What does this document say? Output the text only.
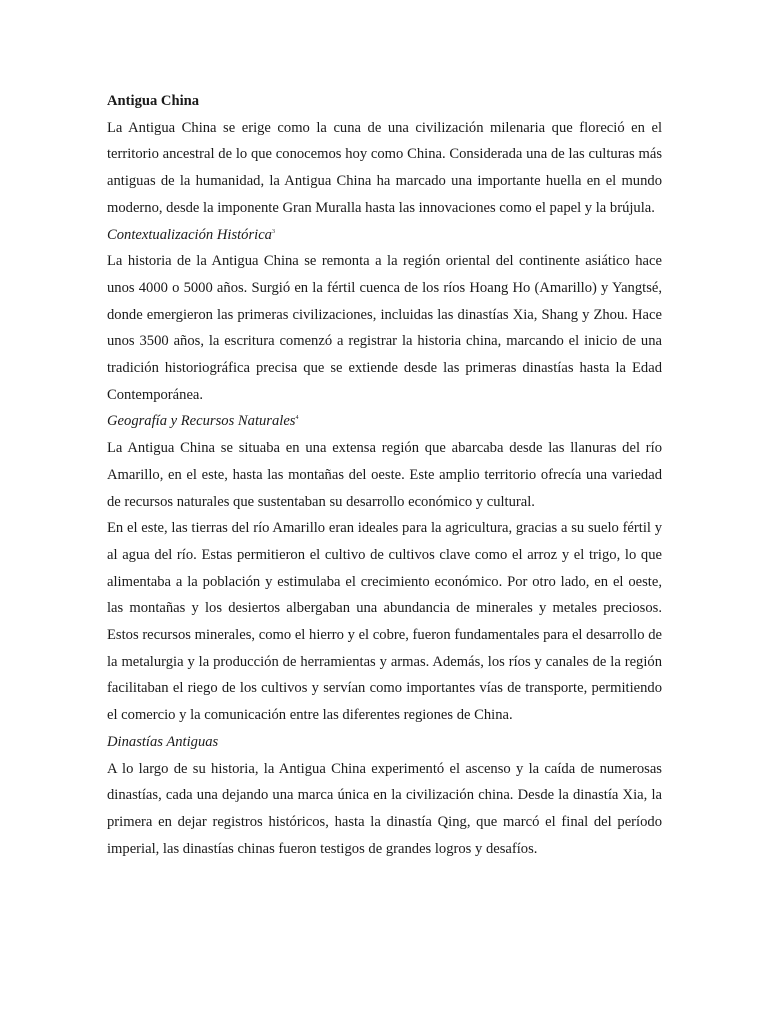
Antigua China

La Antigua China se erige como la cuna de una civilización milenaria que floreció en el territorio ancestral de lo que conocemos hoy como China. Considerada una de las culturas más antiguas de la humanidad, la Antigua China ha marcado una importante huella en el mundo moderno, desde la imponente Gran Muralla hasta las innovaciones como el papel y la brújula.

Contextualización Histórica$^3$

La historia de la Antigua China se remonta a la región oriental del continente asiático hace unos 4000 o 5000 años. Surgió en la fértil cuenca de los ríos Hoang Ho (Amarillo) y Yangtsé, donde emergieron las primeras civilizaciones, incluidas las dinastías Xia, Shang y Zhou. Hace unos 3500 años, la escritura comenzó a registrar la historia china, marcando el inicio de una tradición historiográfica precisa que se extiende desde las primeras dinastías hasta la Edad Contemporánea.

Geografía y Recursos Naturales$^4$

La Antigua China se situaba en una extensa región que abarcaba desde las llanuras del río Amarillo, en el este, hasta las montañas del oeste. Este amplio territorio ofrecía una variedad de recursos naturales que sustentaban su desarrollo económico y cultural.

En el este, las tierras del río Amarillo eran ideales para la agricultura, gracias a su suelo fértil y al agua del río. Estas permitieron el cultivo de cultivos clave como el arroz y el trigo, lo que alimentaba a la población y estimulaba el crecimiento económico. Por otro lado, en el oeste, las montañas y los desiertos albergaban una abundancia de minerales y metales preciosos. Estos recursos minerales, como el hierro y el cobre, fueron fundamentales para el desarrollo de la metalurgia y la producción de herramientas y armas. Además, los ríos y canales de la región facilitaban el riego de los cultivos y servían como importantes vías de transporte, permitiendo el comercio y la comunicación entre las diferentes regiones de China.

Dinastías Antiguas

A lo largo de su historia, la Antigua China experimentó el ascenso y la caída de numerosas dinastías, cada una dejando una marca única en la civilización china. Desde la dinastía Xia, la primera en dejar registros históricos, hasta la dinastía Qing, que marcó el final del período imperial, las dinastías chinas fueron testigos de grandes logros y desafíos.
